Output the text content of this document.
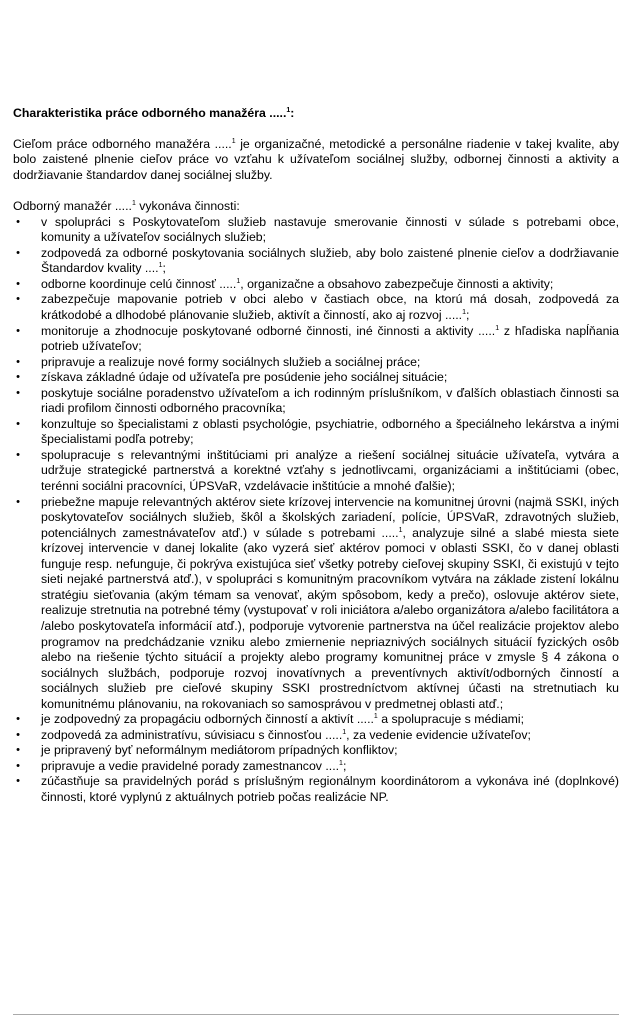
Charakteristika práce odborného manažéra .....$^1$:

Cieľom práce odborného manažéra .....$^1$ je organizačné, metodické a personálne riadenie v takej kvalite, aby bolo zaistené plnenie cieľov práce vo vzťahu k užívateľom sociálnej služby, odbornej činnosti a aktivity a dodržiavanie štandardov danej sociálnej služby.

Odborný manažér .....$^1$ vykonáva činnosti:

• v spolupráci s Poskytovateľom služieb nastavuje smerovanie činnosti v súlade s potrebami obce, komunity a užívateľov sociálnych služieb;
• zodpovedá za odborné poskytovania sociálnych služieb, aby bolo zaistené plnenie cieľov a dodržiavanie Štandardov kvality ....$^1$;
• odborne koordinuje celú činnosť .....$^1$, organizačne a obsahovo zabezpečuje činnosti a aktivity;
• zabezpečuje mapovanie potrieb v obci alebo v častiach obce, na ktorú má dosah, zodpovedá za krátkodobé a dlhodobé plánovanie služieb, aktivít a činností, ako aj rozvoj .....$^1$;
• monitoruje a zhodnocuje poskytované odborné činnosti, iné činnosti a aktivity .....$^1$ z hľadiska napĺňania potrieb užívateľov;
• pripravuje a realizuje nové formy sociálnych služieb a sociálnej práce;
• získava základné údaje od užívateľa pre posúdenie jeho sociálnej situácie;
• poskytuje sociálne poradenstvo užívateľom a ich rodinným príslušníkom, v ďalších oblastiach činnosti sa riadi profilom činnosti odborného pracovníka;
• konzultuje so špecialistami z oblasti psychológie, psychiatrie, odborného a špeciálneho lekárstva a inými špecialistami podľa potreby;
• spolupracuje s relevantnými inštitúciami pri analýze a riešení sociálnej situácie užívateľa, vytvára a udržuje strategické partnerstvá a korektné vzťahy s jednotlivcami, organizáciami a inštitúciami (obec, terénni sociálni pracovníci, ÚPSVaR, vzdelávacie inštitúcie a mnohé ďalšie);
• priebežne mapuje relevantných aktérov siete krízovej intervencie na komunitnej úrovni (najmä SSKI, iných poskytovateľov sociálnych služieb, škôl a školských zariadení, polície, ÚPSVaR, zdravotných služieb, potenciálnych zamestnávateľov atď.) v súlade s potrebami .....$^1$, analyzuje silné a slabé miesta siete krízovej intervencie v danej lokalite (ako vyzerá sieť aktérov pomoci v oblasti SSKI, čo v danej oblasti funguje resp. nefunguje, či pokrýva existujúca sieť všetky potreby cieľovej skupiny SSKI, či existujú v tejto sieti nejaké partnerstvá atď.), v spolupráci s komunitným pracovníkom vytvára na základe zistení lokálnu stratégiu sieťovania (akým témam sa venovať, akým spôsobom, kedy a prečo), oslovuje aktérov siete, realizuje stretnutia na potrebné témy (vystupovať v roli iniciátora a/alebo organizátora a/alebo facilitátora a /alebo poskytovateľa informácií atď.), podporuje vytvorenie partnerstva na účel realizácie projektov alebo programov na predchádzanie vzniku alebo zmiernenie nepriaznivých sociálnych situácií fyzických osôb alebo na riešenie týchto situácií a projekty alebo programy komunitnej práce v zmysle § 4 zákona o sociálnych službách, podporuje rozvoj inovatívnych a preventívnych aktivít/odborných činností a sociálnych služieb pre cieľové skupiny SSKI prostredníctvom aktívnej účasti na stretnutiach ku komunitnému plánovaniu, na rokovaniach so samosprávou v predmetnej oblasti atď.;
• je zodpovedný za propagáciu odborných činností a aktivít .....$^1$ a spolupracuje s médiami;
• zodpovedá za administratívu, súvisiacu s činnosťou .....$^1$, za vedenie evidencie užívateľov;
• je pripravený byť neformálnym mediátorom prípadných konfliktov;
• pripravuje a vedie pravidelné porady zamestnancov ....$^1$;
• zúčastňuje sa pravidelných porád s príslušným regionálnym koordinátorom a vykonáva iné (doplnkové) činnosti, ktoré vyplynú z aktuálnych potrieb počas realizácie NP.
